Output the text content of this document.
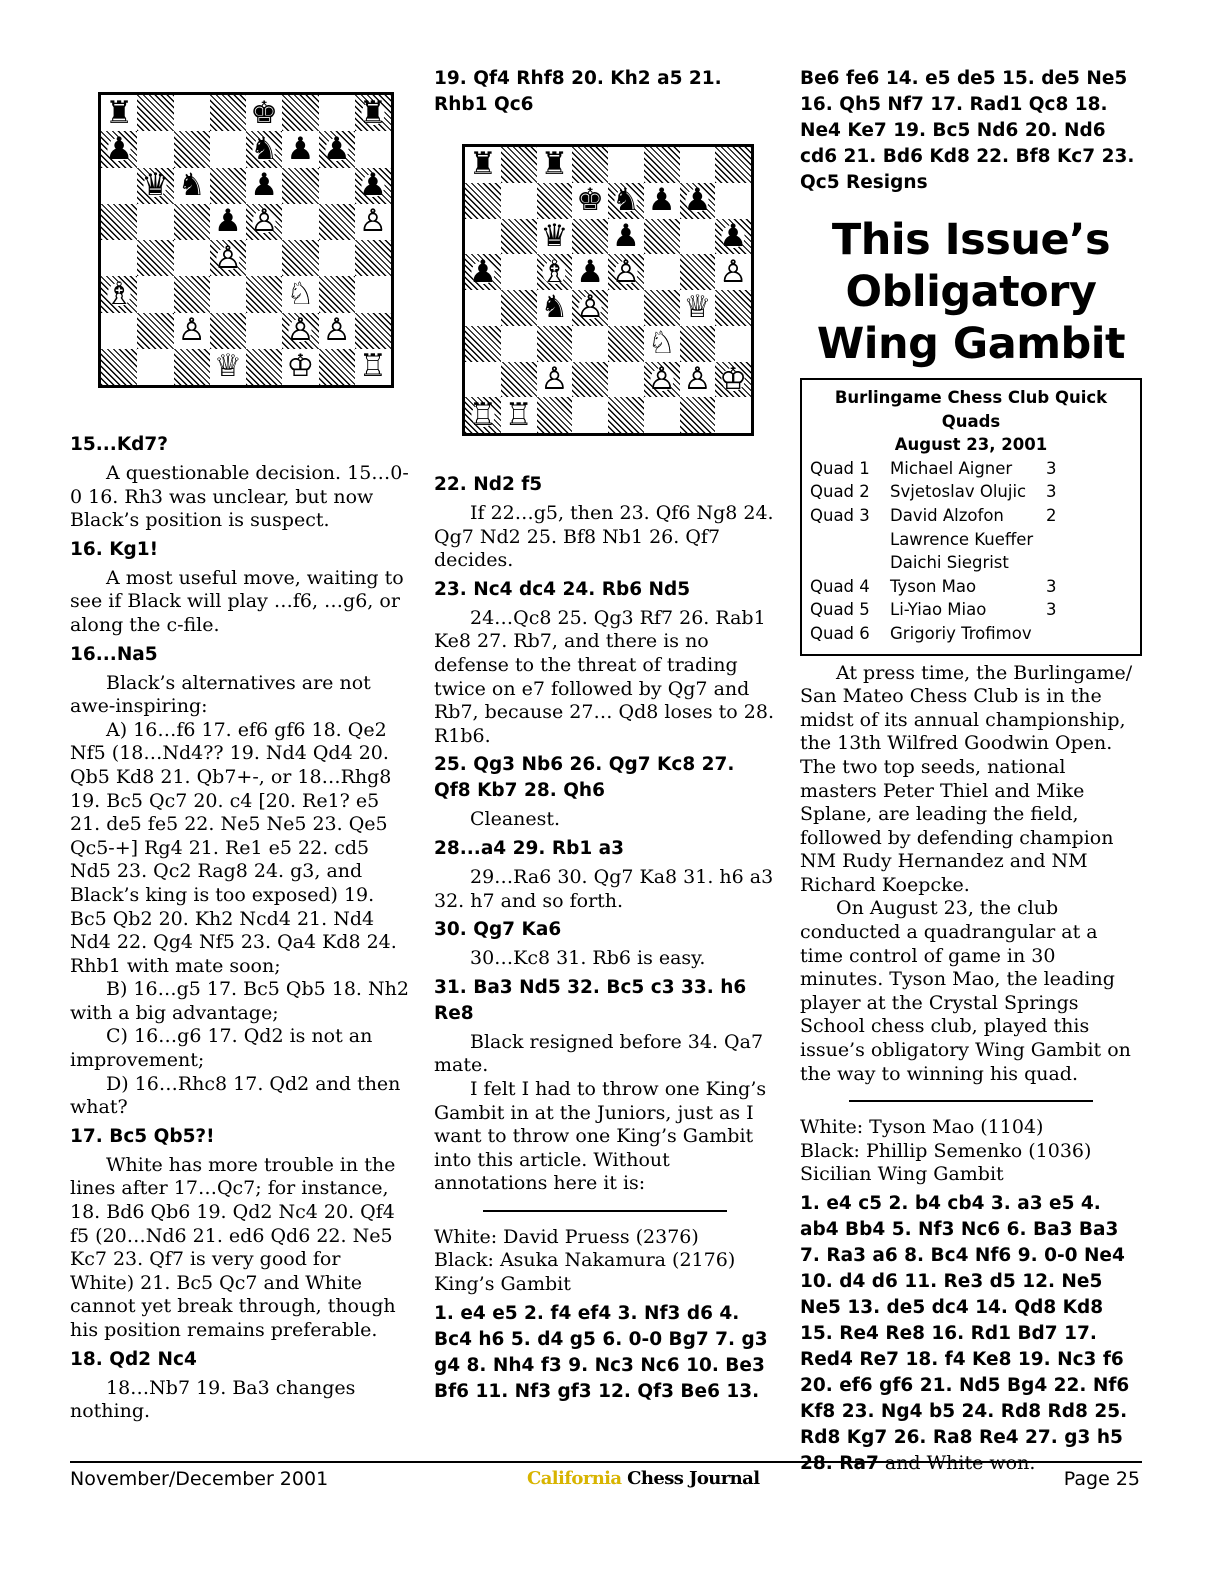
♜	♚	♜
♟	♞ ♟ ♟
♛ ♞ ♟	♟
♟ ♙	♙
♙
♗	♘
♙	♙ ♙
♕ ♔ ♖
15...Kd7?

A questionable decision. 15…0-0 16. Rh3 was unclear, but now Black’s position is suspect.

16. Kg1!

A most useful move, waiting to see if Black will play …f6, …g6, or along the c-file.

16...Na5

Black’s alternatives are not awe-inspiring:

A) 16…f6 17. ef6 gf6 18. Qe2 Nf5 (18…Nd4?? 19. Nd4 Qd4 20. Qb5 Kd8 21. Qb7+-, or 18…Rhg8 19. Bc5 Qc7 20. c4 [20. Re1? e5 21. de5 fe5 22. Ne5 Ne5 23. Qe5 Qc5-+] Rg4 21. Re1 e5 22. cd5 Nd5 23. Qc2 Rag8 24. g3, and Black’s king is too exposed) 19. Bc5 Qb2 20. Kh2 Ncd4 21. Nd4 Nd4 22. Qg4 Nf5 23. Qa4 Kd8 24. Rhb1 with mate soon;

B) 16…g5 17. Bc5 Qb5 18. Nh2 with a big advantage;

C) 16…g6 17. Qd2 is not an improvement;

D) 16…Rhc8 17. Qd2 and then what?

17. Bc5 Qb5?!

White has more trouble in the lines after 17…Qc7; for instance, 18. Bd6 Qb6 19. Qd2 Nc4 20. Qf4 f5 (20…Nd6 21. ed6 Qd6 22. Ne5 Kc7 23. Qf7 is very good for White) 21. Bc5 Qc7 and White cannot yet break through, though his position remains preferable.

18. Qd2 Nc4

18…Nb7 19. Ba3 changes nothing.

19. Qf4 Rhf8 20. Kh2 a5 21. Rhb1 Qc6
♜ ♜
♚ ♞ ♟ ♟
♛ ♟	♟
♟ ♗ ♟ ♙	♙
♞ ♙	♕
♘
♙	♙ ♙ ♔
♖ ♖
22. Nd2 f5

If 22…g5, then 23. Qf6 Ng8 24. Qg7 Nd2 25. Bf8 Nb1 26. Qf7 decides.

23. Nc4 dc4 24. Rb6 Nd5

24…Qc8 25. Qg3 Rf7 26. Rab1 Ke8 27. Rb7, and there is no defense to the threat of trading twice on e7 followed by Qg7 and Rb7, because 27… Qd8 loses to 28. R1b6.

25. Qg3 Nb6 26. Qg7 Kc8 27. Qf8 Kb7 28. Qh6

Cleanest.

28...a4 29. Rb1 a3

29…Ra6 30. Qg7 Ka8 31. h6 a3 32. h7 and so forth.

30. Qg7 Ka6

30…Kc8 31. Rb6 is easy.

31. Ba3 Nd5 32. Bc5 c3 33. h6 Re8

Black resigned before 34. Qa7 mate.

I felt I had to throw one King’s Gambit in at the Juniors, just as I want to throw one King’s Gambit into this article. Without annotations here it is:

White: David Pruess (2376)

Black: Asuka Nakamura (2176)

King’s Gambit

1. e4 e5 2. f4 ef4 3. Nf3 d6 4. Bc4 h6 5. d4 g5 6. 0-0 Bg7 7. g3 g4 8. Nh4 f3 9. Nc3 Nc6 10. Be3 Bf6 11. Nf3 gf3 12. Qf3 Be6 13.
Be6 fe6 14. e5 de5 15. de5 Ne5 16. Qh5 Nf7 17. Rad1 Qc8 18. Ne4 Ke7 19. Bc5 Nd6 20. Nd6 cd6 21. Bd6 Kd8 22. Bf8 Kc7 23. Qc5 Resigns
This Issue’s
Obligatory
Wing Gambit
Burlingame Chess Club Quick Quads
August 23, 2001
Quad 1	Michael Aigner	3
Quad 2	Svjetoslav Olujic	3
Quad 3	David Alzofon	2
Lawrence Kueffer
Daichi Siegrist
Quad 4	Tyson Mao	3
Quad 5	Li-Yiao Miao	3
Quad 6	Grigoriy Trofimov

At press time, the Burlingame/ San Mateo Chess Club is in the midst of its annual championship, the 13th Wilfred Goodwin Open. The two top seeds, national masters Peter Thiel and Mike Splane, are leading the field, followed by defending champion NM Rudy Hernandez and NM Richard Koepcke.

On August 23, the club conducted a quadrangular at a time control of game in 30 minutes. Tyson Mao, the leading player at the Crystal Springs School chess club, played this issue’s obligatory Wing Gambit on the way to winning his quad.

White: Tyson Mao (1104)

Black: Phillip Semenko (1036)

Sicilian Wing Gambit

1. e4 c5 2. b4 cb4 3. a3 e5 4. ab4 Bb4 5. Nf3 Nc6 6. Ba3 Ba3 7. Ra3 a6 8. Bc4 Nf6 9. 0-0 Ne4 10. d4 d6 11. Re3 d5 12. Ne5 Ne5 13. de5 dc4 14. Qd8 Kd8 15. Re4 Re8 16. Rd1 Bd7 17. Red4 Re7 18. f4 Ke8 19. Nc3 f6 20. ef6 gf6 21. Nd5 Bg4 22. Nf6 Kf8 23. Ng4 b5 24. Rd8 Rd8 25. Rd8 Kg7 26. Ra8 Re4 27. g3 h5 28. Ra7 and White won.
November/December 2001	California Chess Journal	Page 25
